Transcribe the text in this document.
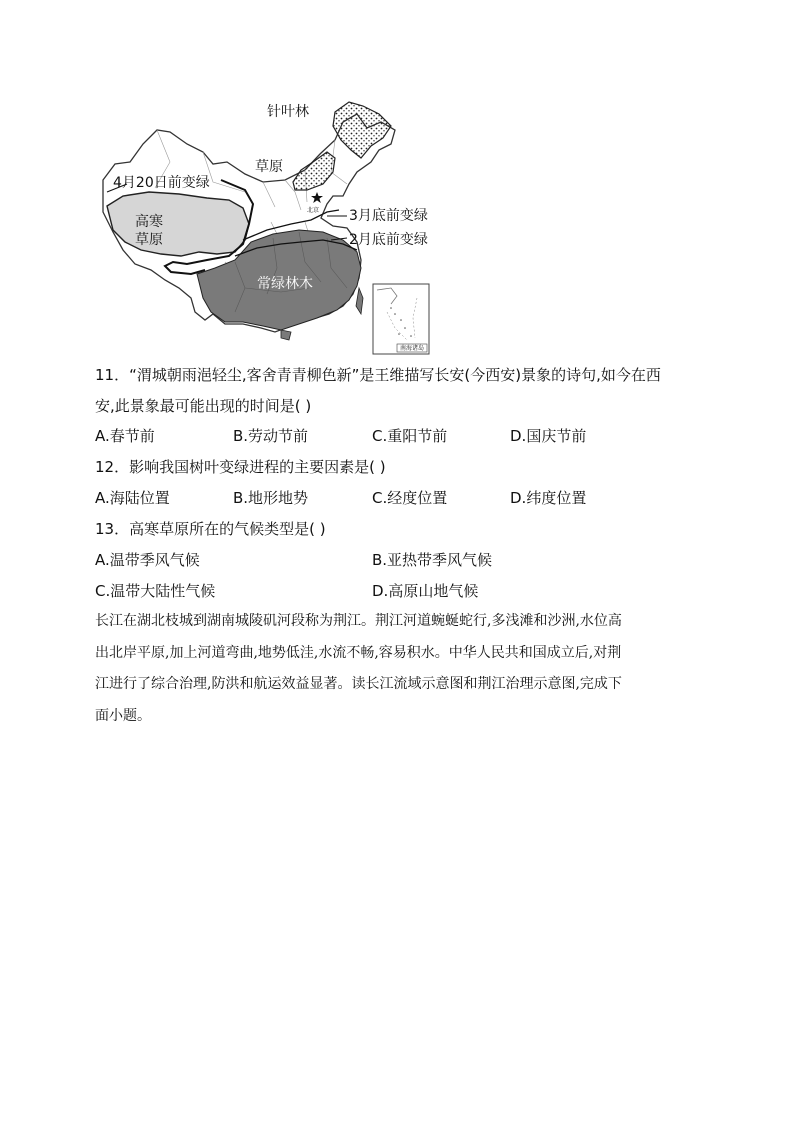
针叶林
草原
4月20日前变绿
高寒
草原
北京 3月底前变绿
2月底前变绿
常绿林木
南海诸岛
11．“渭城朝雨浥轻尘,客舍青青柳色新”是王维描写长安(今西安)景象的诗句,如今在西
安,此景象最可能出现的时间是( )
A.春节前	B.劳动节前	C.重阳节前	D.国庆节前
12．影响我国树叶变绿进程的主要因素是( )
A.海陆位置	B.地形地势	C.经度位置	D.纬度位置
13．高寒草原所在的气候类型是( )
A.温带季风气候	B.亚热带季风气候
C.温带大陆性气候	D.高原山地气候
长江在湖北枝城到湖南城陵矶河段称为荆江。荆江河道蜿蜒蛇行,多浅滩和沙洲,水位高
出北岸平原,加上河道弯曲,地势低洼,水流不畅,容易积水。中华人民共和国成立后,对荆
江进行了综合治理,防洪和航运效益显著。读长江流域示意图和荆江治理示意图,完成下
面小题。
